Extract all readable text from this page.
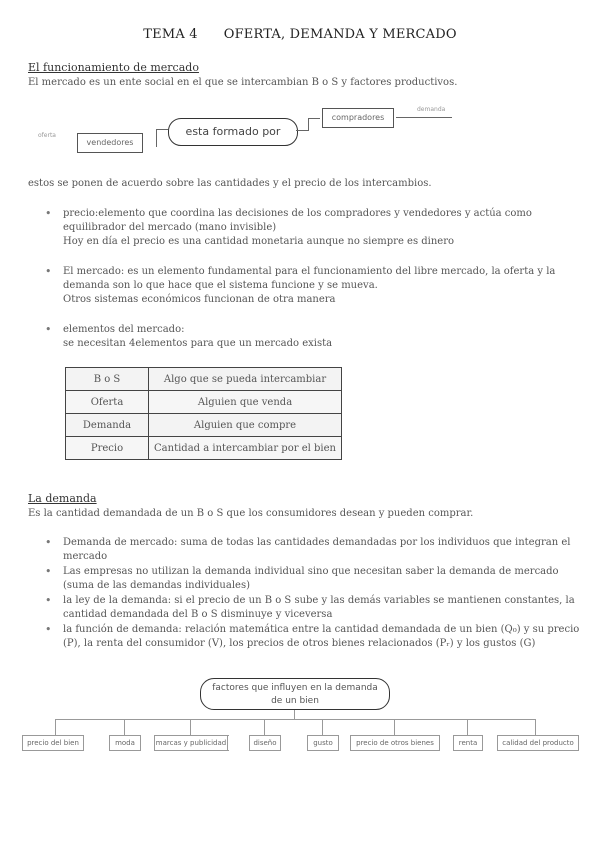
TEMA 4 OFERTA, DEMANDA Y MERCADO
El funcionamiento de mercado
El mercado es un ente social en el que se intercambian B o S y factores productivos.
oferta
vendedores
esta formado por
compradores
demanda
estos se ponen de acuerdo sobre las cantidades y el precio de los intercambios.
• precio:elemento que coordina las decisiones de los compradores y vendedores y actúa como
equilibrador del mercado (mano invisible)
Hoy en día el precio es una cantidad monetaria aunque no siempre es dinero
• El mercado: es un elemento fundamental para el funcionamiento del libre mercado, la oferta y la
demanda son lo que hace que el sistema funcione y se mueva.
Otros sistemas económicos funcionan de otra manera
• elementos del mercado:
se necesitan 4elementos para que un mercado exista
B o S	Algo que se pueda intercambiar
Oferta	Alguien que venda
Demanda	Alguien que compre
Precio	Cantidad a intercambiar por el bien
La demanda
Es la cantidad demandada de un B o S que los consumidores desean y pueden comprar.
• Demanda de mercado: suma de todas las cantidades demandadas por los individuos que integran el
mercado
• Las empresas no utilizan la demanda individual sino que necesitan saber la demanda de mercado
(suma de las demandas individuales)
• la ley de la demanda: si el precio de un B o S sube y las demás variables se mantienen constantes, la
cantidad demandada del B o S disminuye y viceversa
• la función de demanda: relación matemática entre la cantidad demandada de un bien (Q₀) y su precio
(P), la renta del consumidor (V), los precios de otros bienes relacionados (Pᵣ) y los gustos (G)
factores que influyen en la demanda
de un bien
precio del bien	moda	marcas y publicidad	diseño	gusto	precio de otros bienes	renta	calidad del producto
